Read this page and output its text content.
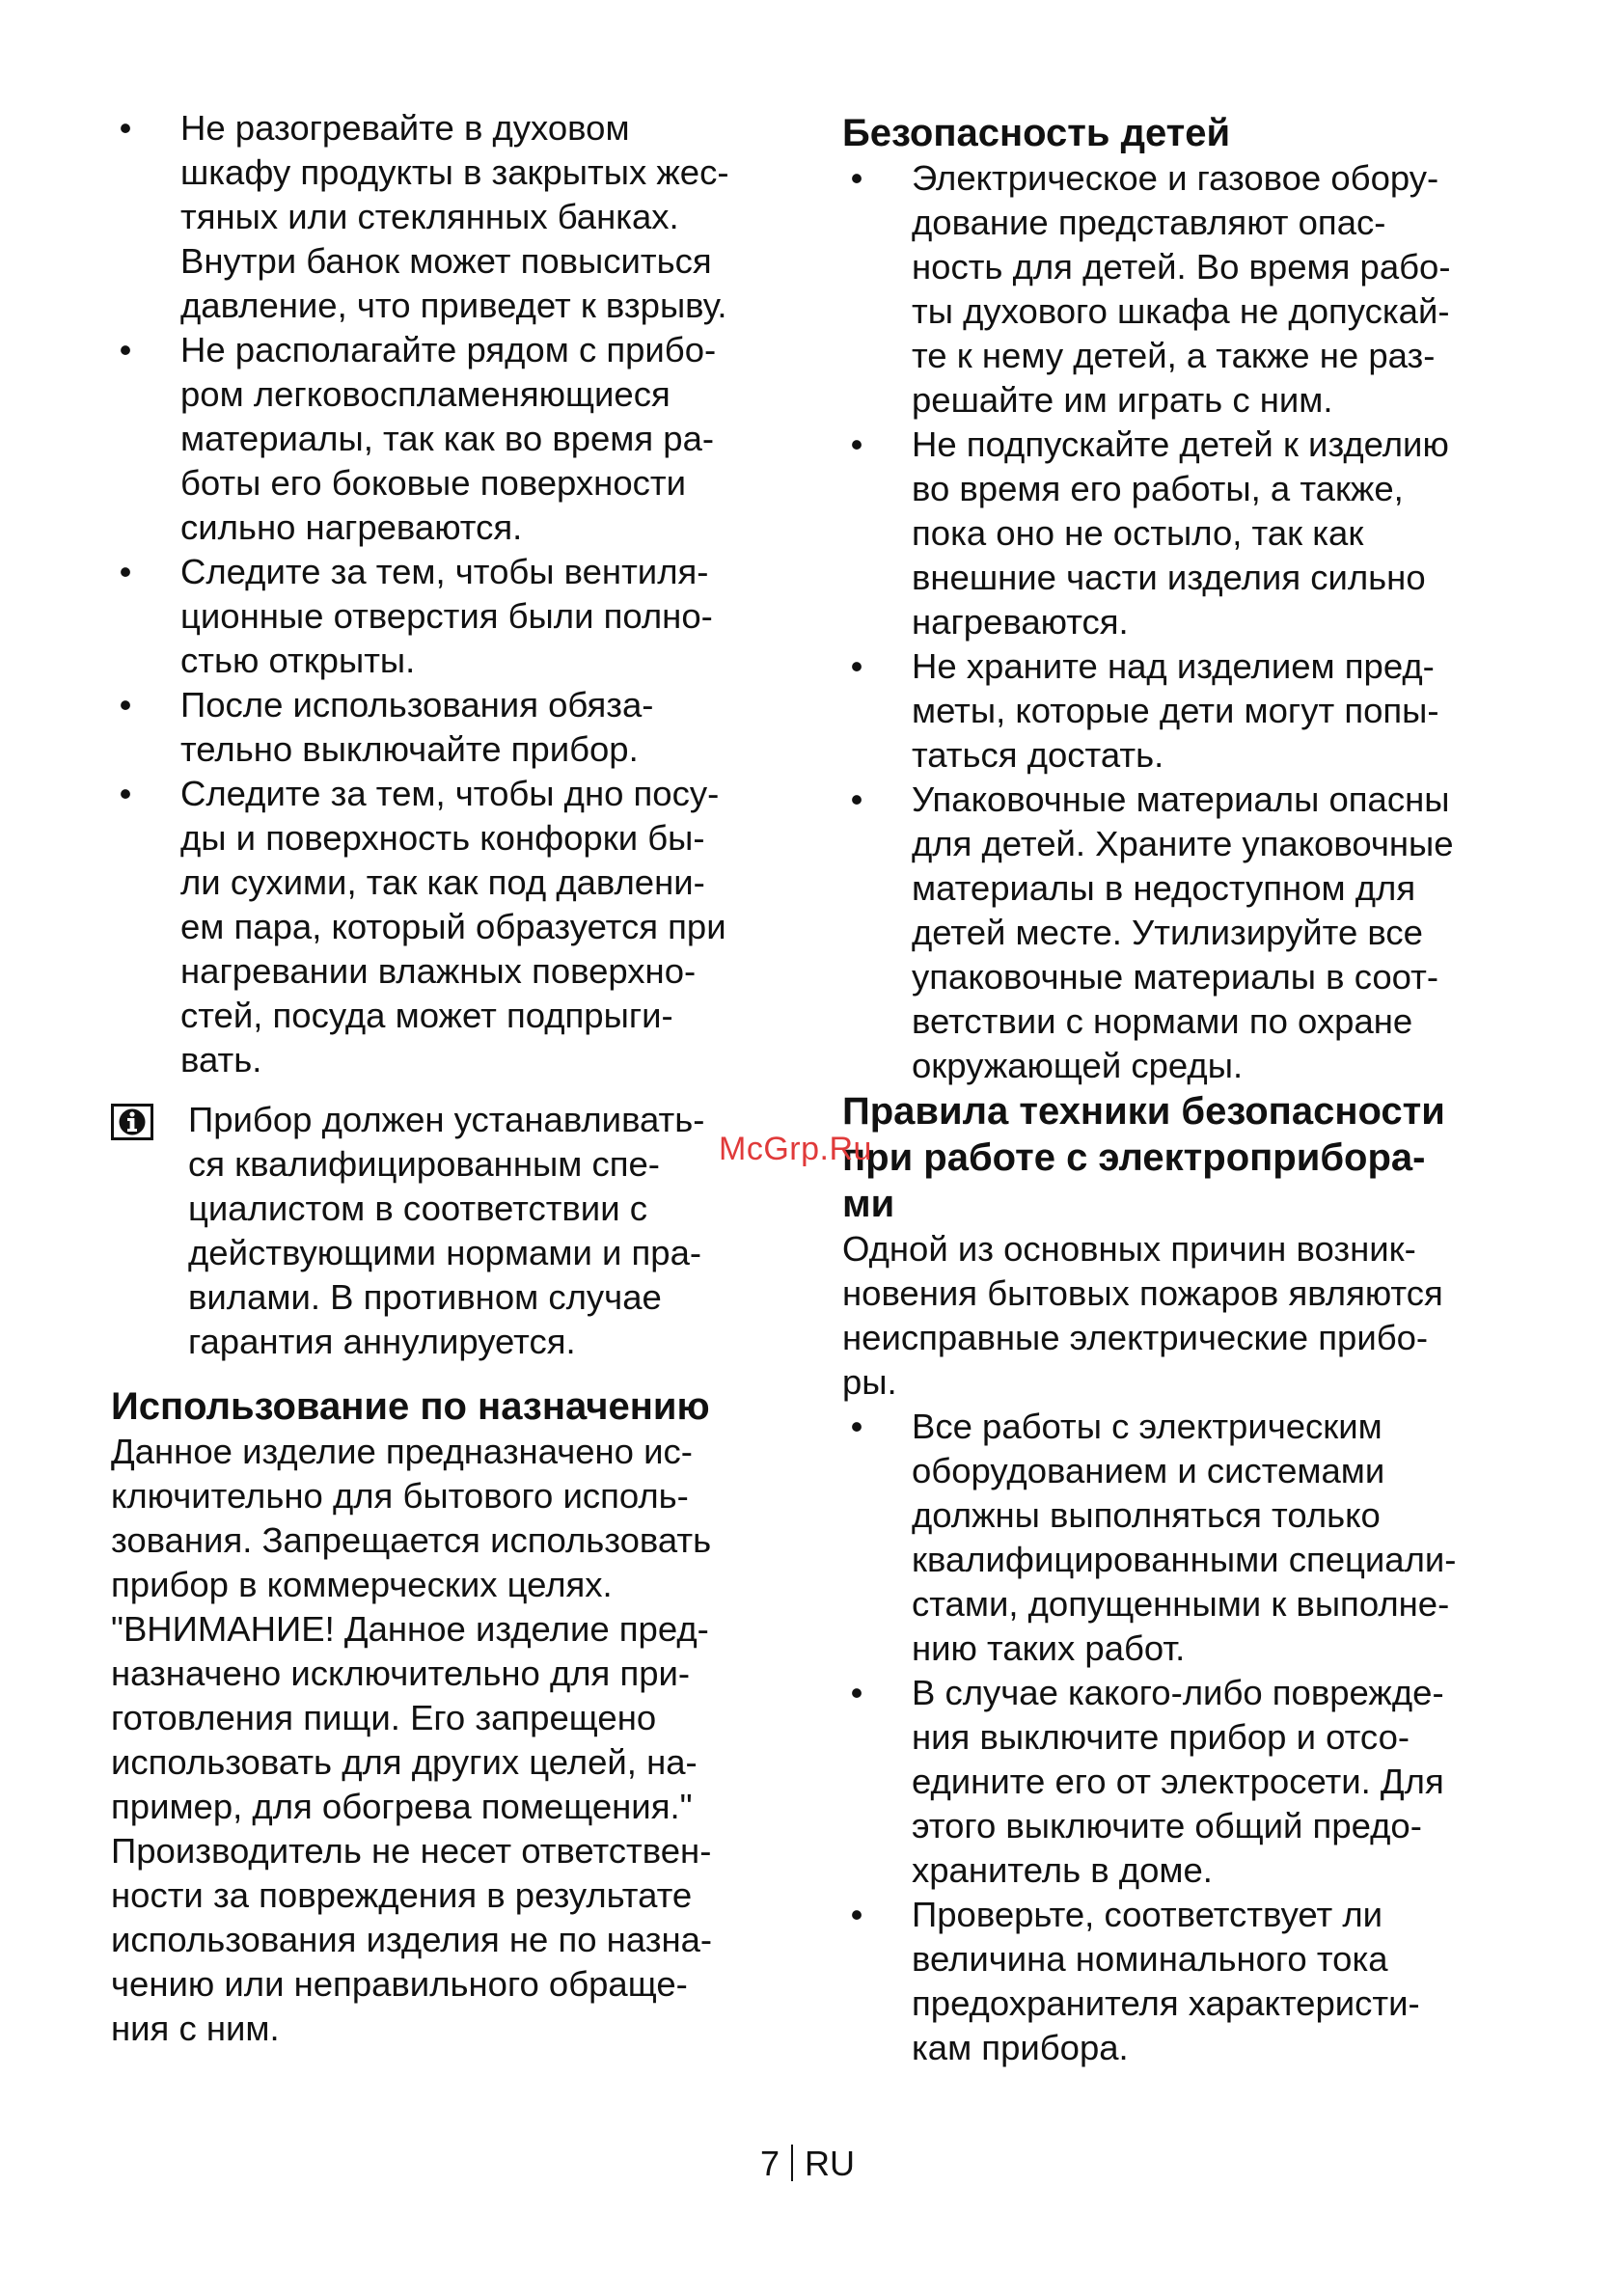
• Не разогревайте в духовом
шкафу продукты в закрытых жес-
тяных или стеклянных банках.
Внутри банок может повыситься
давление, что приведет к взрыву.
• Не располагайте рядом с прибо-
ром легковоспламеняющиеся
материалы, так как во время ра-
боты его боковые поверхности
сильно нагреваются.
• Следите за тем, чтобы вентиля-
ционные отверстия были полно-
стью открыты.
• После использования обяза-
тельно выключайте прибор.
• Следите за тем, чтобы дно посу-
ды и поверхность конфорки бы-
ли сухими, так как под давлени-
ем пара, который образуется при
нагревании влажных поверхно-
стей, посуда может подпрыги-
вать.

Прибор должен устанавливать-
ся квалифицированным спе-
циалистом в соответствии с
действующими нормами и пра-
вилами. В противном случае
гарантия аннулируется.

Использование по назначению

Данное изделие предназначено ис-
ключительно для бытового исполь-
зования. Запрещается использовать
прибор в коммерческих целях.
"ВНИМАНИЕ! Данное изделие пред-
назначено исключительно для при-
готовления пищи. Его запрещено
использовать для других целей, на-
пример, для обогрева помещения."
Производитель не несет ответствен-
ности за повреждения в результате
использования изделия не по назна-
чению или неправильного обраще-
ния с ним.

Безопасность детей
• Электрическое и газовое обору-
дование представляют опас-
ность для детей. Во время рабо-
ты духового шкафа не допускай-
те к нему детей, а также не раз-
решайте им играть с ним.
• Не подпускайте детей к изделию
во время его работы, а также,
пока оно не остыло, так как
внешние части изделия сильно
нагреваются.
• Не храните над изделием пред-
меты, которые дети могут попы-
таться достать.
• Упаковочные материалы опасны
для детей. Храните упаковочные
материалы в недоступном для
детей месте. Утилизируйте все
упаковочные материалы в соот-
ветствии с нормами по охране
окружающей среды.
Правила техники безопасности
при работе с электроприбора-
ми

Одной из основных причин возник-
новения бытовых пожаров являются
неисправные электрические прибо-
ры.

• Все работы с электрическим
оборудованием и системами
должны выполняться только
квалифицированными специали-
стами, допущенными к выполне-
нию таких работ.
• В случае какого-либо поврежде-
ния выключите прибор и отсо-
едините его от электросети. Для
этого выключите общий предо-
хранитель в доме.
• Проверьте, соответствует ли
величина номинального тока
предохранителя характеристи-
кам прибора.
McGrp.Ru
7 RU
